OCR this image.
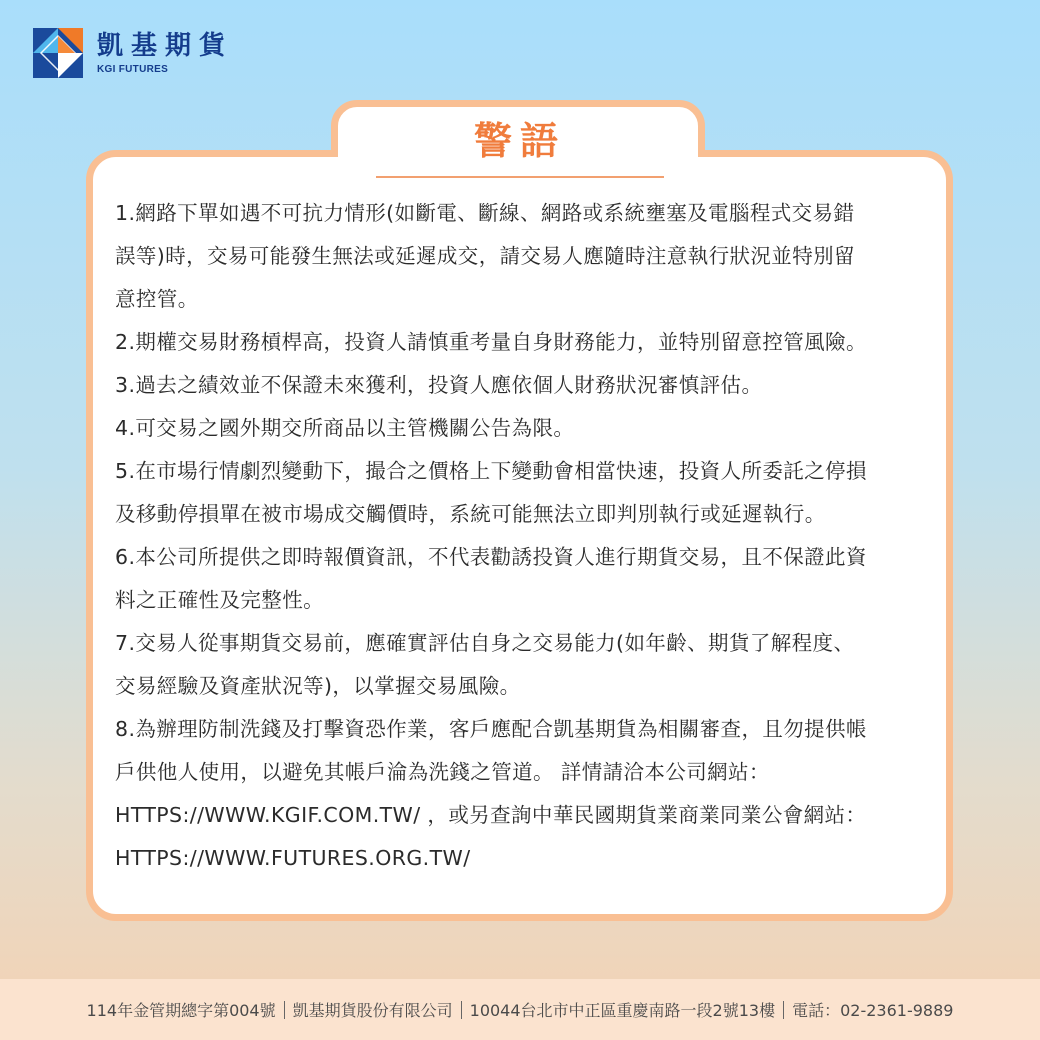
凱基期貨
KGI FUTURES
警語

1.網路下單如遇不可抗力情形(如斷電、斷線、網路或系統壅塞及電腦程式交易錯

誤等)時，交易可能發生無法或延遲成交，請交易人應隨時注意執行狀況並特別留

意控管。

2.期權交易財務槓桿高，投資人請慎重考量自身財務能力，並特別留意控管風險。

3.過去之績效並不保證未來獲利，投資人應依個人財務狀況審慎評估。

4.可交易之國外期交所商品以主管機關公告為限。

5.在市場行情劇烈變動下，撮合之價格上下變動會相當快速，投資人所委託之停損

及移動停損單在被市場成交觸價時，系統可能無法立即判別執行或延遲執行。

6.本公司所提供之即時報價資訊，不代表勸誘投資人進行期貨交易，且不保證此資

料之正確性及完整性。

7.交易人從事期貨交易前，應確實評估自身之交易能力(如年齡、期貨了解程度、

交易經驗及資產狀況等)，以掌握交易風險。

8.為辦理防制洗錢及打擊資恐作業，客戶應配合凱基期貨為相關審查，且勿提供帳

戶供他人使用，以避免其帳戶淪為洗錢之管道。 詳情請洽本公司網站：

HTTPS://WWW.KGIF.COM.TW/ ，或另查詢中華民國期貨業商業同業公會網站：

HTTPS://WWW.FUTURES.ORG.TW/

114年金管期總字第004號 凱基期貨股份有限公司 10044台北市中正區重慶南路一段2號13樓 電話：02-2361-9889
